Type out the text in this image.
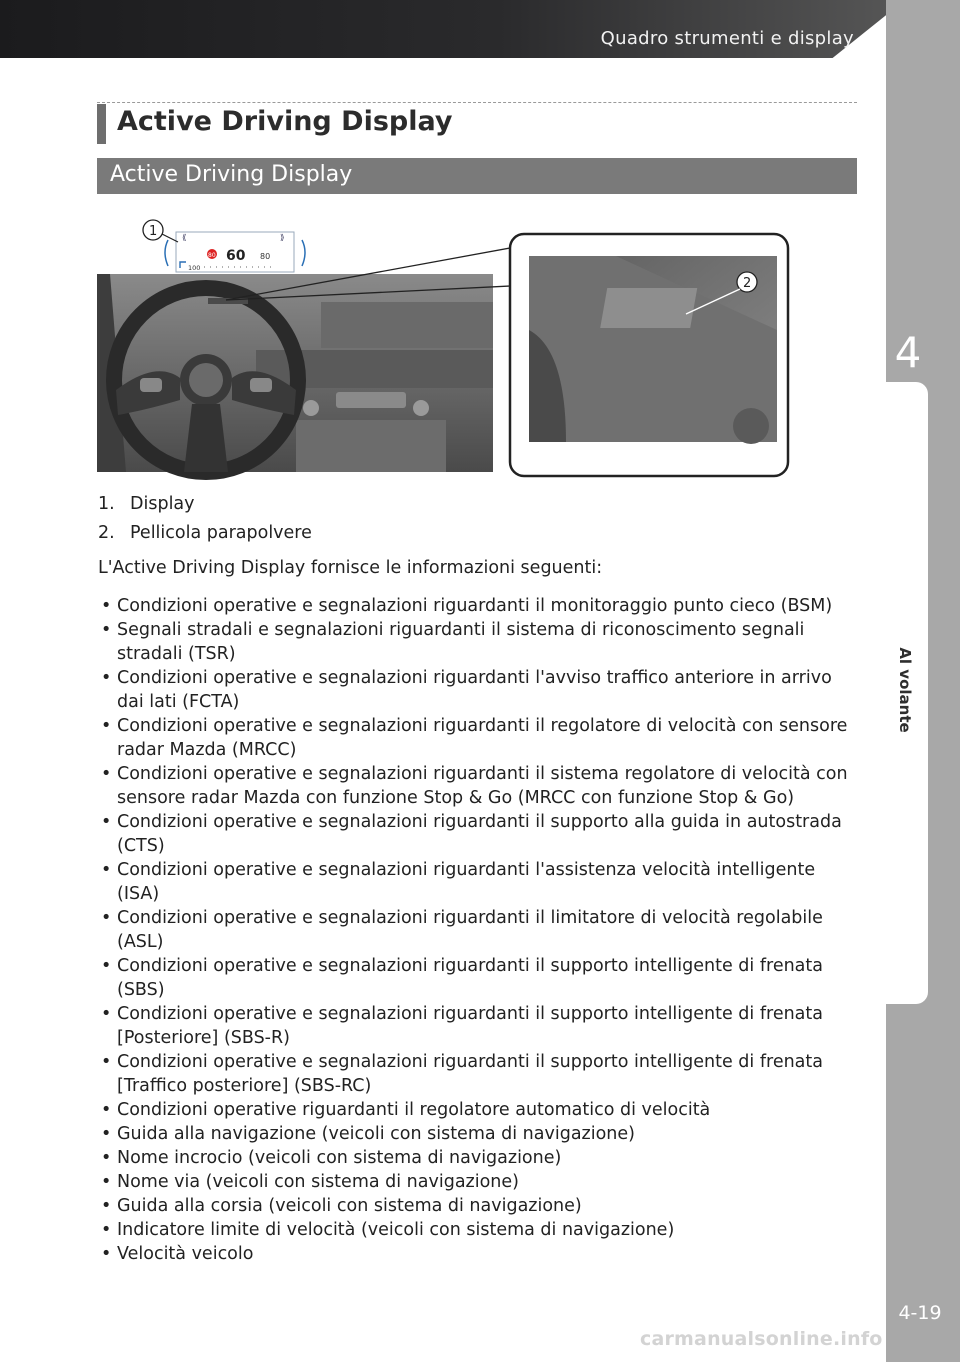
Quadro strumenti e display
4
Al volante
4-19
Active Driving Display
Active Driving Display
⟪	⟫
80 60 80
100
1
2
1. Display
2. Pellicola parapolvere
L'Active Driving Display fornisce le informazioni seguenti:
• Condizioni operative e segnalazioni riguardanti il monitoraggio punto cieco (BSM)
• Segnali stradali e segnalazioni riguardanti il sistema di riconoscimento segnali stradali (TSR)
• Condizioni operative e segnalazioni riguardanti l'avviso traffico anteriore in arrivo dai lati (FCTA)
• Condizioni operative e segnalazioni riguardanti il regolatore di velocità con sensore radar Mazda (MRCC)
• Condizioni operative e segnalazioni riguardanti il sistema regolatore di velocità con sensore radar Mazda con funzione Stop & Go (MRCC con funzione Stop & Go)
• Condizioni operative e segnalazioni riguardanti il supporto alla guida in autostrada (CTS)
• Condizioni operative e segnalazioni riguardanti l'assistenza velocità intelligente (ISA)
• Condizioni operative e segnalazioni riguardanti il limitatore di velocità regolabile (ASL)
• Condizioni operative e segnalazioni riguardanti il supporto intelligente di frenata (SBS)
• Condizioni operative e segnalazioni riguardanti il supporto intelligente di frenata [Posteriore] (SBS-R)
• Condizioni operative e segnalazioni riguardanti il supporto intelligente di frenata [Traffico posteriore] (SBS-RC)
• Condizioni operative riguardanti il regolatore automatico di velocità
• Guida alla navigazione (veicoli con sistema di navigazione)
• Nome incrocio (veicoli con sistema di navigazione)
• Nome via (veicoli con sistema di navigazione)
• Guida alla corsia (veicoli con sistema di navigazione)
• Indicatore limite di velocità (veicoli con sistema di navigazione)
• Velocità veicolo
carmanualsonline.info
